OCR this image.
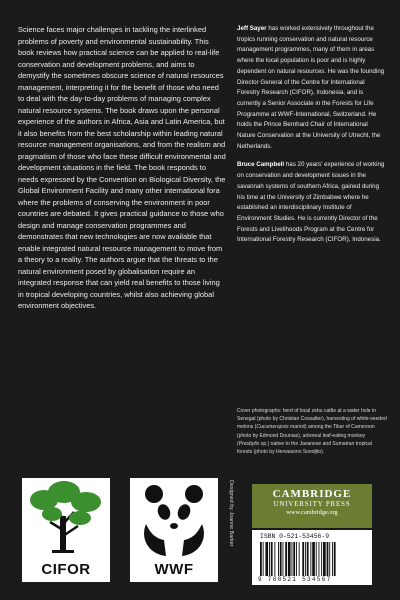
Science faces major challenges in tackling the interlinked problems of poverty and environmental sustainability. This book reviews how practical science can be applied to real-life conservation and development problems, and aims to demystify the sometimes obscure science of natural resources management, interpreting it for the benefit of those who need to deal with the day-to-day problems of managing complex natural resource systems. The book draws upon the personal experience of the authors in Africa, Asia and Latin America, but it also benefits from the best scholarship within leading natural resource management organisations, and from the realism and pragmatism of those who face these difficult environmental and development situations in the field. The book responds to needs expressed by the Convention on Biological Diversity, the Global Environment Facility and many other international fora where the problems of conserving the environment in poor countries are debated. It gives practical guidance to those who design and manage conservation programmes and demonstrates that new technologies are now available that enable integrated natural resource management to move from a theory to a reality. The authors argue that the threats to the natural environment posed by globalisation require an integrated response that can yield real benefits to those living in tropical developing countries, whilst also achieving global environment objectives.

Jeff Sayer has worked extensively throughout the tropics running conservation and natural resource management programmes, many of them in areas where the local population is poor and is highly dependent on natural resources. He was the founding Director General of the Centre for International Forestry Research (CIFOR), Indonesia, and is currently a Senior Associate in the Forests for Life Programme at WWF-International, Switzerland. He holds the Prince Bernhard Chair of International Nature Conservation at the University of Utrecht, the Netherlands.

Bruce Campbell has 20 years' experience of working on conservation and development issues in the savannah systems of southern Africa, gained during his time at the University of Zimbabwe where he established an interdisciplinary Institute of Environment Studies. He is currently Director of the Forests and Livelihoods Program at the Centre for International Forestry Research (CIFOR), Indonesia.

Cover photographs: herd of local zebu cattle at a water hole in Senegal (photo by Christian Cossalter), harvesting of white-seeded melons (Cucumeropsis mannii) among the Tikar of Cameroon (photo by Edmond Dounias), arboreal leaf-eating monkey (Presbytis sp.) native to the Javanese and Sumatran tropical forests (photo by Herwasono Soedjito).
CIFOR	WWF
Designed by Joanne Barker	CAMBRIDGE
UNIVERSITY PRESS
www.cambridge.org
ISBN 0-521-53456-9
9 780521 534567
